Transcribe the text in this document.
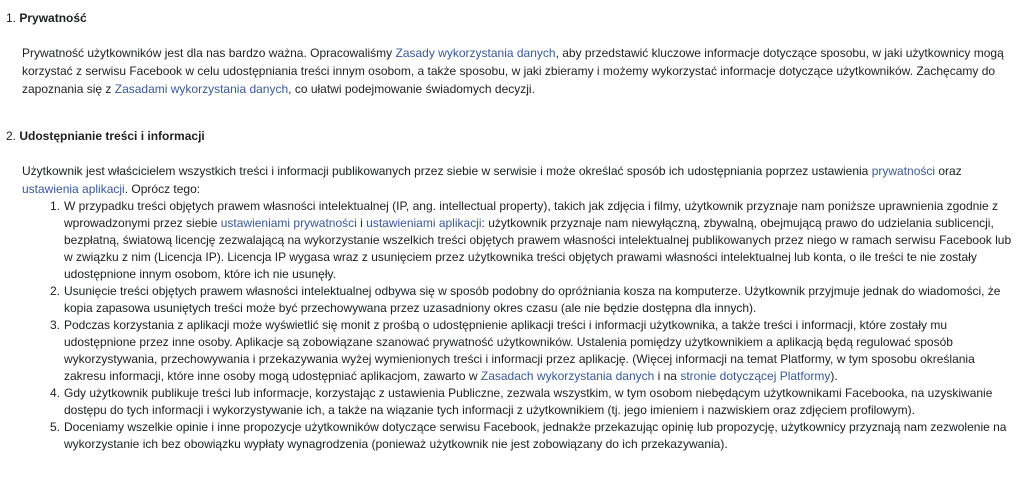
1. Prywatność
Prywatność użytkowników jest dla nas bardzo ważna. Opracowaliśmy Zasady wykorzystania danych, aby przedstawić kluczowe informacje dotyczące sposobu, w jaki użytkownicy mogą korzystać z serwisu Facebook w celu udostępniania treści innym osobom, a także sposobu, w jaki zbieramy i możemy wykorzystać informacje dotyczące użytkowników. Zachęcamy do zapoznania się z Zasadami wykorzystania danych, co ułatwi podejmowanie świadomych decyzji.
2. Udostępnianie treści i informacji
Użytkownik jest właścicielem wszystkich treści i informacji publikowanych przez siebie w serwisie i może określać sposób ich udostępniania poprzez ustawienia prywatności oraz ustawienia aplikacji. Oprócz tego:
1. W przypadku treści objętych prawem własności intelektualnej (IP, ang. intellectual property), takich jak zdjęcia i filmy, użytkownik przyznaje nam poniższe uprawnienia zgodnie z wprowadzonymi przez siebie ustawieniami prywatności i ustawieniami aplikacji: użytkownik przyznaje nam niewyłączną, zbywalną, obejmującą prawo do udzielania sublicencji, bezpłatną, światową licencję zezwalającą na wykorzystanie wszelkich treści objętych prawem własności intelektualnej publikowanych przez niego w ramach serwisu Facebook lub w związku z nim (Licencja IP). Licencja IP wygasa wraz z usunięciem przez użytkownika treści objętych prawami własności intelektualnej lub konta, o ile treści te nie zostały udostępnione innym osobom, które ich nie usunęły.
2. Usunięcie treści objętych prawem własności intelektualnej odbywa się w sposób podobny do opróżniania kosza na komputerze. Użytkownik przyjmuje jednak do wiadomości, że kopia zapasowa usuniętych treści może być przechowywana przez uzasadniony okres czasu (ale nie będzie dostępna dla innych).
3. Podczas korzystania z aplikacji może wyświetlić się monit z prośbą o udostępnienie aplikacji treści i informacji użytkownika, a także treści i informacji, które zostały mu udostępnione przez inne osoby. Aplikacje są zobowiązane szanować prywatność użytkowników. Ustalenia pomiędzy użytkownikiem a aplikacją będą regulować sposób wykorzystywania, przechowywania i przekazywania wyżej wymienionych treści i informacji przez aplikację. (Więcej informacji na temat Platformy, w tym sposobu określania zakresu informacji, które inne osoby mogą udostępniać aplikacjom, zawarto w Zasadach wykorzystania danych i na stronie dotyczącej Platformy).
4. Gdy użytkownik publikuje treści lub informacje, korzystając z ustawienia Publiczne, zezwala wszystkim, w tym osobom niebędącym użytkownikami Facebooka, na uzyskiwanie dostępu do tych informacji i wykorzystywanie ich, a także na wiązanie tych informacji z użytkownikiem (tj. jego imieniem i nazwiskiem oraz zdjęciem profilowym).
5. Doceniamy wszelkie opinie i inne propozycje użytkowników dotyczące serwisu Facebook, jednakże przekazując opinię lub propozycję, użytkownicy przyznają nam zezwolenie na wykorzystanie ich bez obowiązku wypłaty wynagrodzenia (ponieważ użytkownik nie jest zobowiązany do ich przekazywania).
